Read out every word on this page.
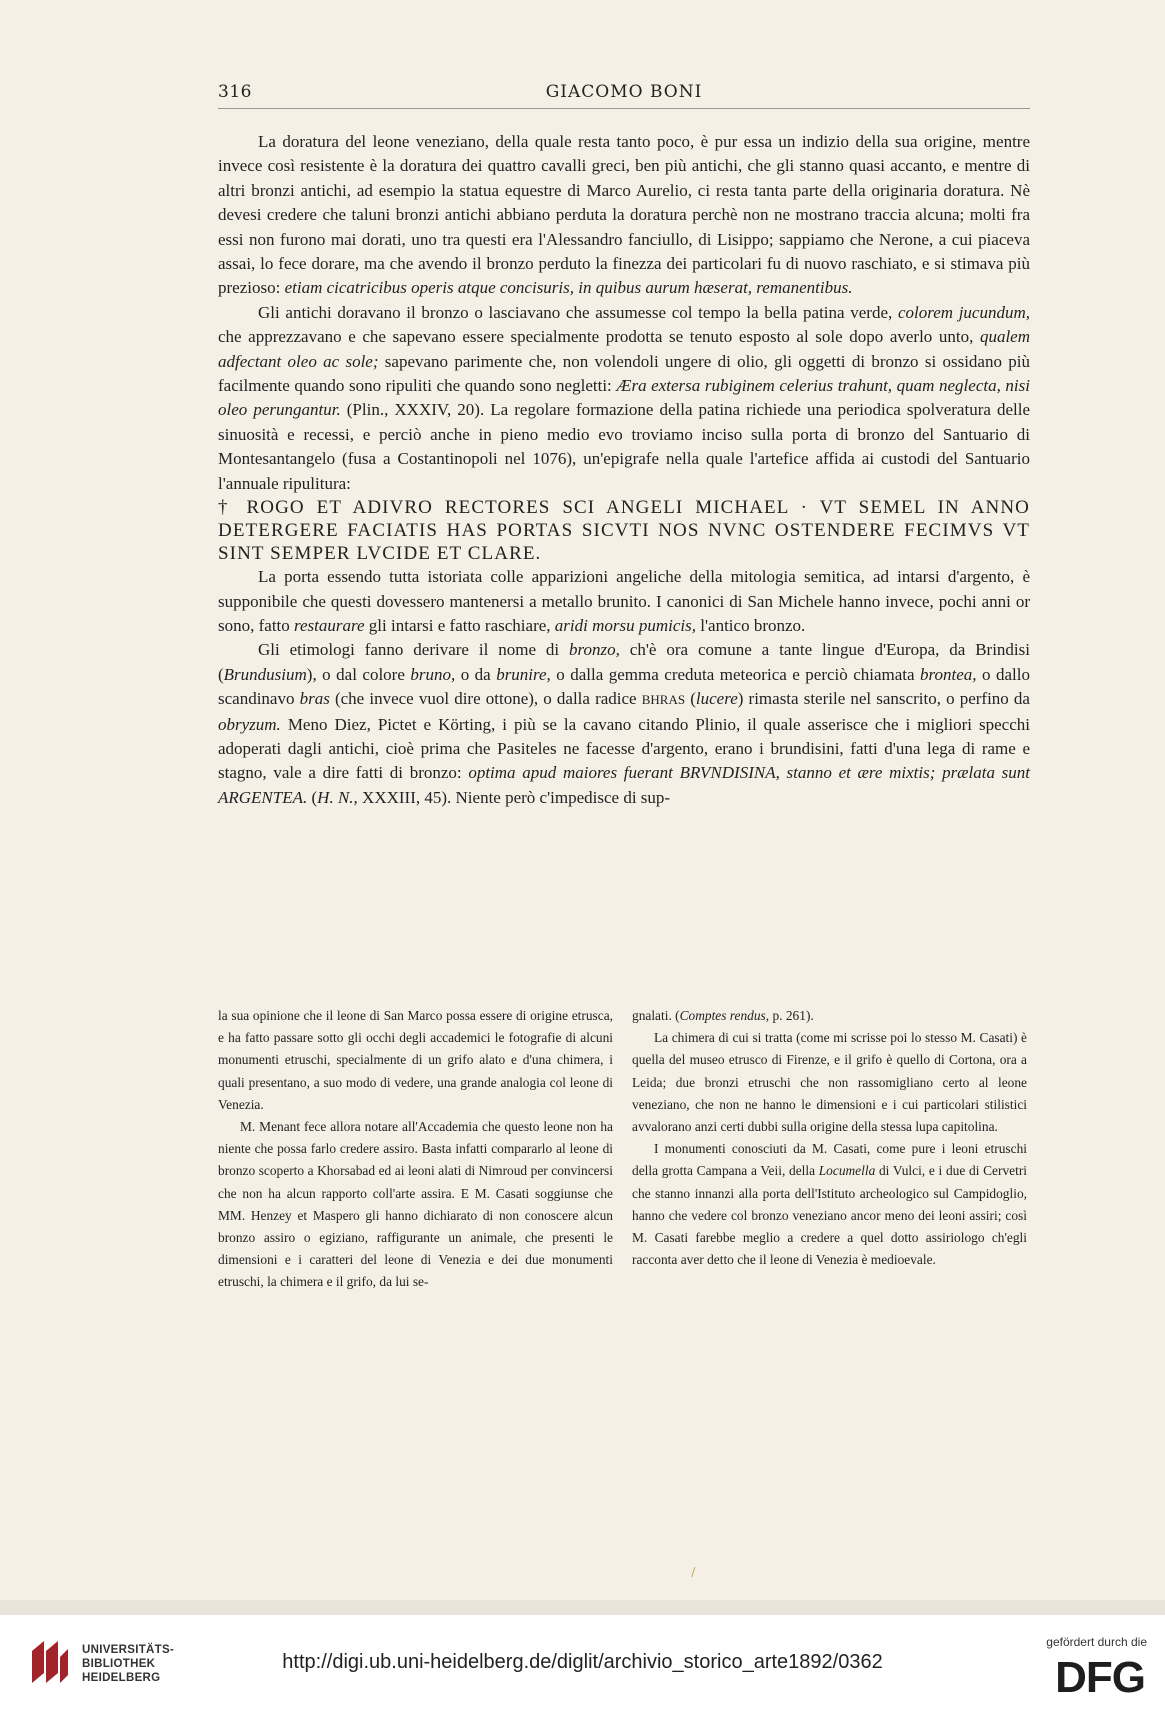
316	GIACOMO BONI

La doratura del leone veneziano, della quale resta tanto poco, è pur essa un indizio della sua origine, mentre invece così resistente è la doratura dei quattro cavalli greci, ben più antichi, che gli stanno quasi accanto, e mentre di altri bronzi antichi, ad esempio la statua equestre di Marco Aurelio, ci resta tanta parte della originaria doratura. Nè devesi credere che taluni bronzi antichi abbiano perduta la doratura perchè non ne mostrano traccia alcuna; molti fra essi non furono mai dorati, uno tra questi era l'Alessandro fanciullo, di Lisippo; sappiamo che Nerone, a cui piaceva assai, lo fece dorare, ma che avendo il bronzo perduto la finezza dei particolari fu di nuovo raschiato, e si stimava più prezioso: etiam cicatricibus operis atque concisuris, in quibus aurum hæserat, remanentibus.

Gli antichi doravano il bronzo o lasciavano che assumesse col tempo la bella patina verde, colorem jucundum, che apprezzavano e che sapevano essere specialmente prodotta se tenuto esposto al sole dopo averlo unto, qualem adfectant oleo ac sole; sapevano parimente che, non volendoli ungere di olio, gli oggetti di bronzo si ossidano più facilmente quando sono ripuliti che quando sono negletti: Æra extersa rubiginem celerius trahunt, quam neglecta, nisi oleo perungantur. (Plin., XXXIV, 20). La regolare formazione della patina richiede una periodica spolveratura delle sinuosità e recessi, e perciò anche in pieno medio evo troviamo inciso sulla porta di bronzo del Santuario di Montesantangelo (fusa a Costantinopoli nel 1076), un'epigrafe nella quale l'artefice affida ai custodi del Santuario l'annuale ripulitura:

† ROGO ET ADIVRO RECTORES SCI ANGELI MICHAEL · VT SEMEL IN ANNO DETERGERE FACIATIS HAS PORTAS SICVTI NOS NVNC OSTENDERE FECIMVS VT SINT SEMPER LVCIDE ET CLARE.

La porta essendo tutta istoriata colle apparizioni angeliche della mitologia semitica, ad intarsi d'argento, è supponibile che questi dovessero mantenersi a metallo brunito. I canonici di San Michele hanno invece, pochi anni or sono, fatto restaurare gli intarsi e fatto raschiare, aridi morsu pumicis, l'antico bronzo.

Gli etimologi fanno derivare il nome di bronzo, ch'è ora comune a tante lingue d'Europa, da Brindisi (Brundusium), o dal colore bruno, o da brunire, o dalla gemma creduta meteorica e perciò chiamata brontea, o dallo scandinavo bras (che invece vuol dire ottone), o dalla radice BHRAS (lucere) rimasta sterile nel sanscrito, o perfino da obryzum. Meno Diez, Pictet e Körting, i più se la cavano citando Plinio, il quale asserisce che i migliori specchi adoperati dagli antichi, cioè prima che Pasiteles ne facesse d'argento, erano i brundisini, fatti d'una lega di rame e stagno, vale a dire fatti di bronzo: optima apud maiores fuerant BRVNDISINA, stanno et ære mixtis; prælata sunt ARGENTEA. (H. N., XXXIII, 45). Niente però c'impedisce di sup-

la sua opinione che il leone di San Marco possa essere di origine etrusca, e ha fatto passare sotto gli occhi degli accademici le fotografie di alcuni monumenti etruschi, specialmente di un grifo alato e d'una chimera, i quali presentano, a suo modo di vedere, una grande analogia col leone di Venezia.

M. Menant fece allora notare all'Accademia che questo leone non ha niente che possa farlo credere assiro. Basta infatti compararlo al leone di bronzo scoperto a Khorsabad ed ai leoni alati di Nimroud per convincersi che non ha alcun rapporto coll'arte assira. E M. Casati soggiunse che MM. Henzey et Maspero gli hanno dichiarato di non conoscere alcun bronzo assiro o egiziano, raffigurante un animale, che presenti le dimensioni e i caratteri del leone di Venezia e dei due monumenti etruschi, la chimera e il grifo, da lui se-

gnalati. (Comptes rendus, p. 261).

La chimera di cui si tratta (come mi scrisse poi lo stesso M. Casati) è quella del museo etrusco di Firenze, e il grifo è quello di Cortona, ora a Leida; due bronzi etruschi che non rassomigliano certo al leone veneziano, che non ne hanno le dimensioni e i cui particolari stilistici avvalorano anzi certi dubbi sulla origine della stessa lupa capitolina.

I monumenti conosciuti da M. Casati, come pure i leoni etruschi della grotta Campana a Veii, della Locumella di Vulci, e i due di Cervetri che stanno innanzi alla porta dell'Istituto archeologico sul Campidoglio, hanno che vedere col bronzo veneziano ancor meno dei leoni assiri; così M. Casati farebbe meglio a credere a quel dotto assiriologo ch'egli racconta aver detto che il leone di Venezia è medioevale.

 /
UNIVERSITÄTS-
BIBLIOTHEK
HEIDELBERG
http://digi.ub.uni-heidelberg.de/diglit/archivio_storico_arte1892/0362
gefördert durch die
DFG
